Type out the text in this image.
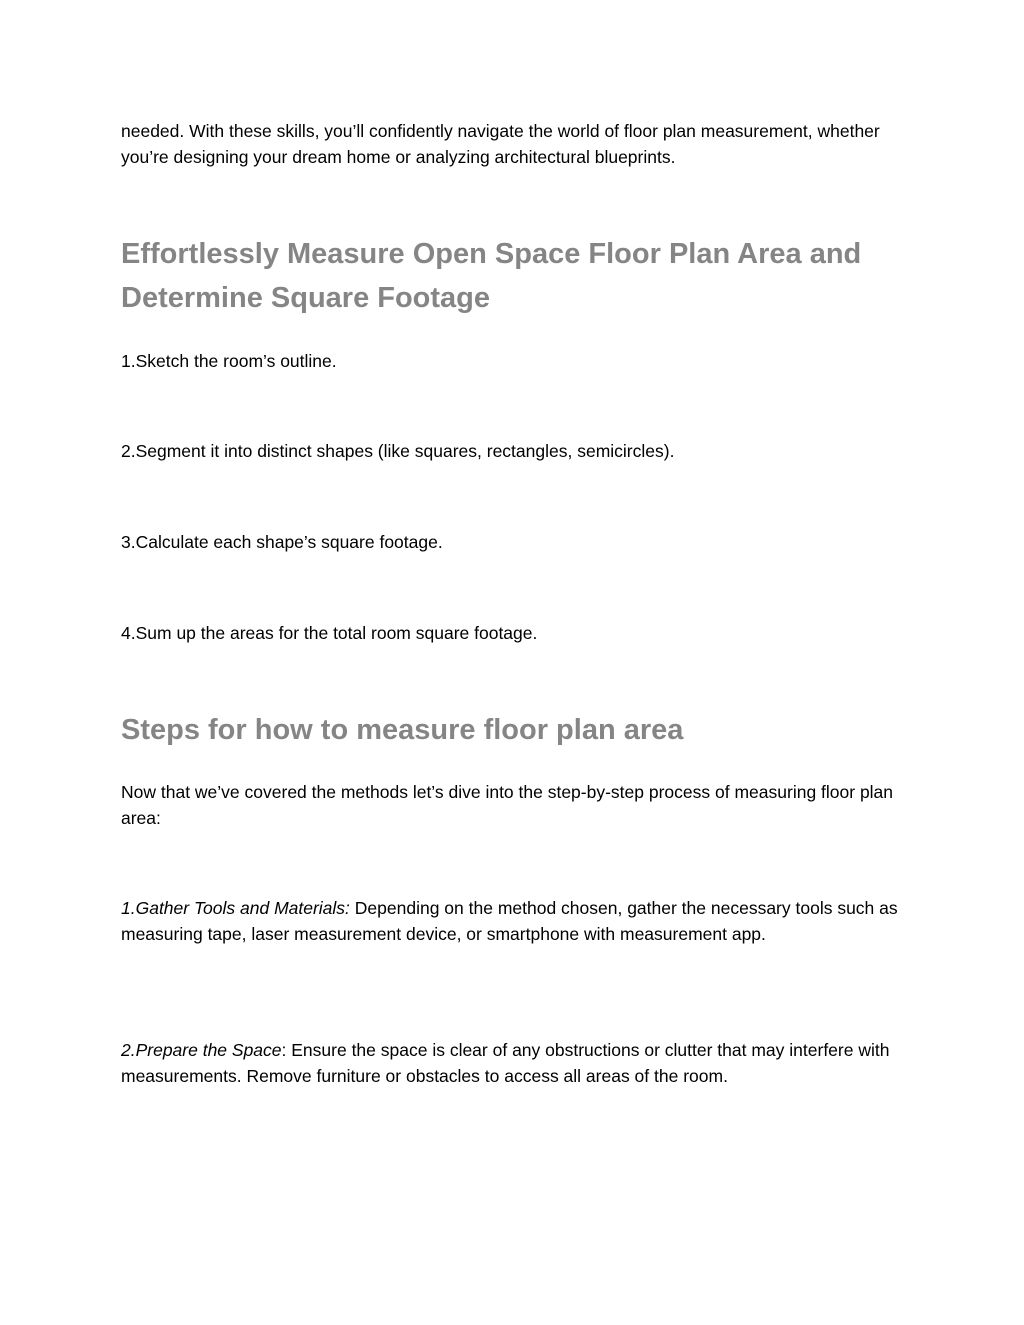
needed. With these skills, you’ll confidently navigate the world of floor plan measurement, whether you’re designing your dream home or analyzing architectural blueprints.

Effortlessly Measure Open Space Floor Plan Area and Determine Square Footage

1.Sketch the room’s outline.

2.Segment it into distinct shapes (like squares, rectangles, semicircles).

3.Calculate each shape’s square footage.

4.Sum up the areas for the total room square footage.

Steps for how to measure floor plan area

Now that we’ve covered the methods let’s dive into the step-by-step process of measuring floor plan area:

1.Gather Tools and Materials: Depending on the method chosen, gather the necessary tools such as measuring tape, laser measurement device, or smartphone with measurement app.

2.Prepare the Space: Ensure the space is clear of any obstructions or clutter that may interfere with measurements. Remove furniture or obstacles to access all areas of the room.
